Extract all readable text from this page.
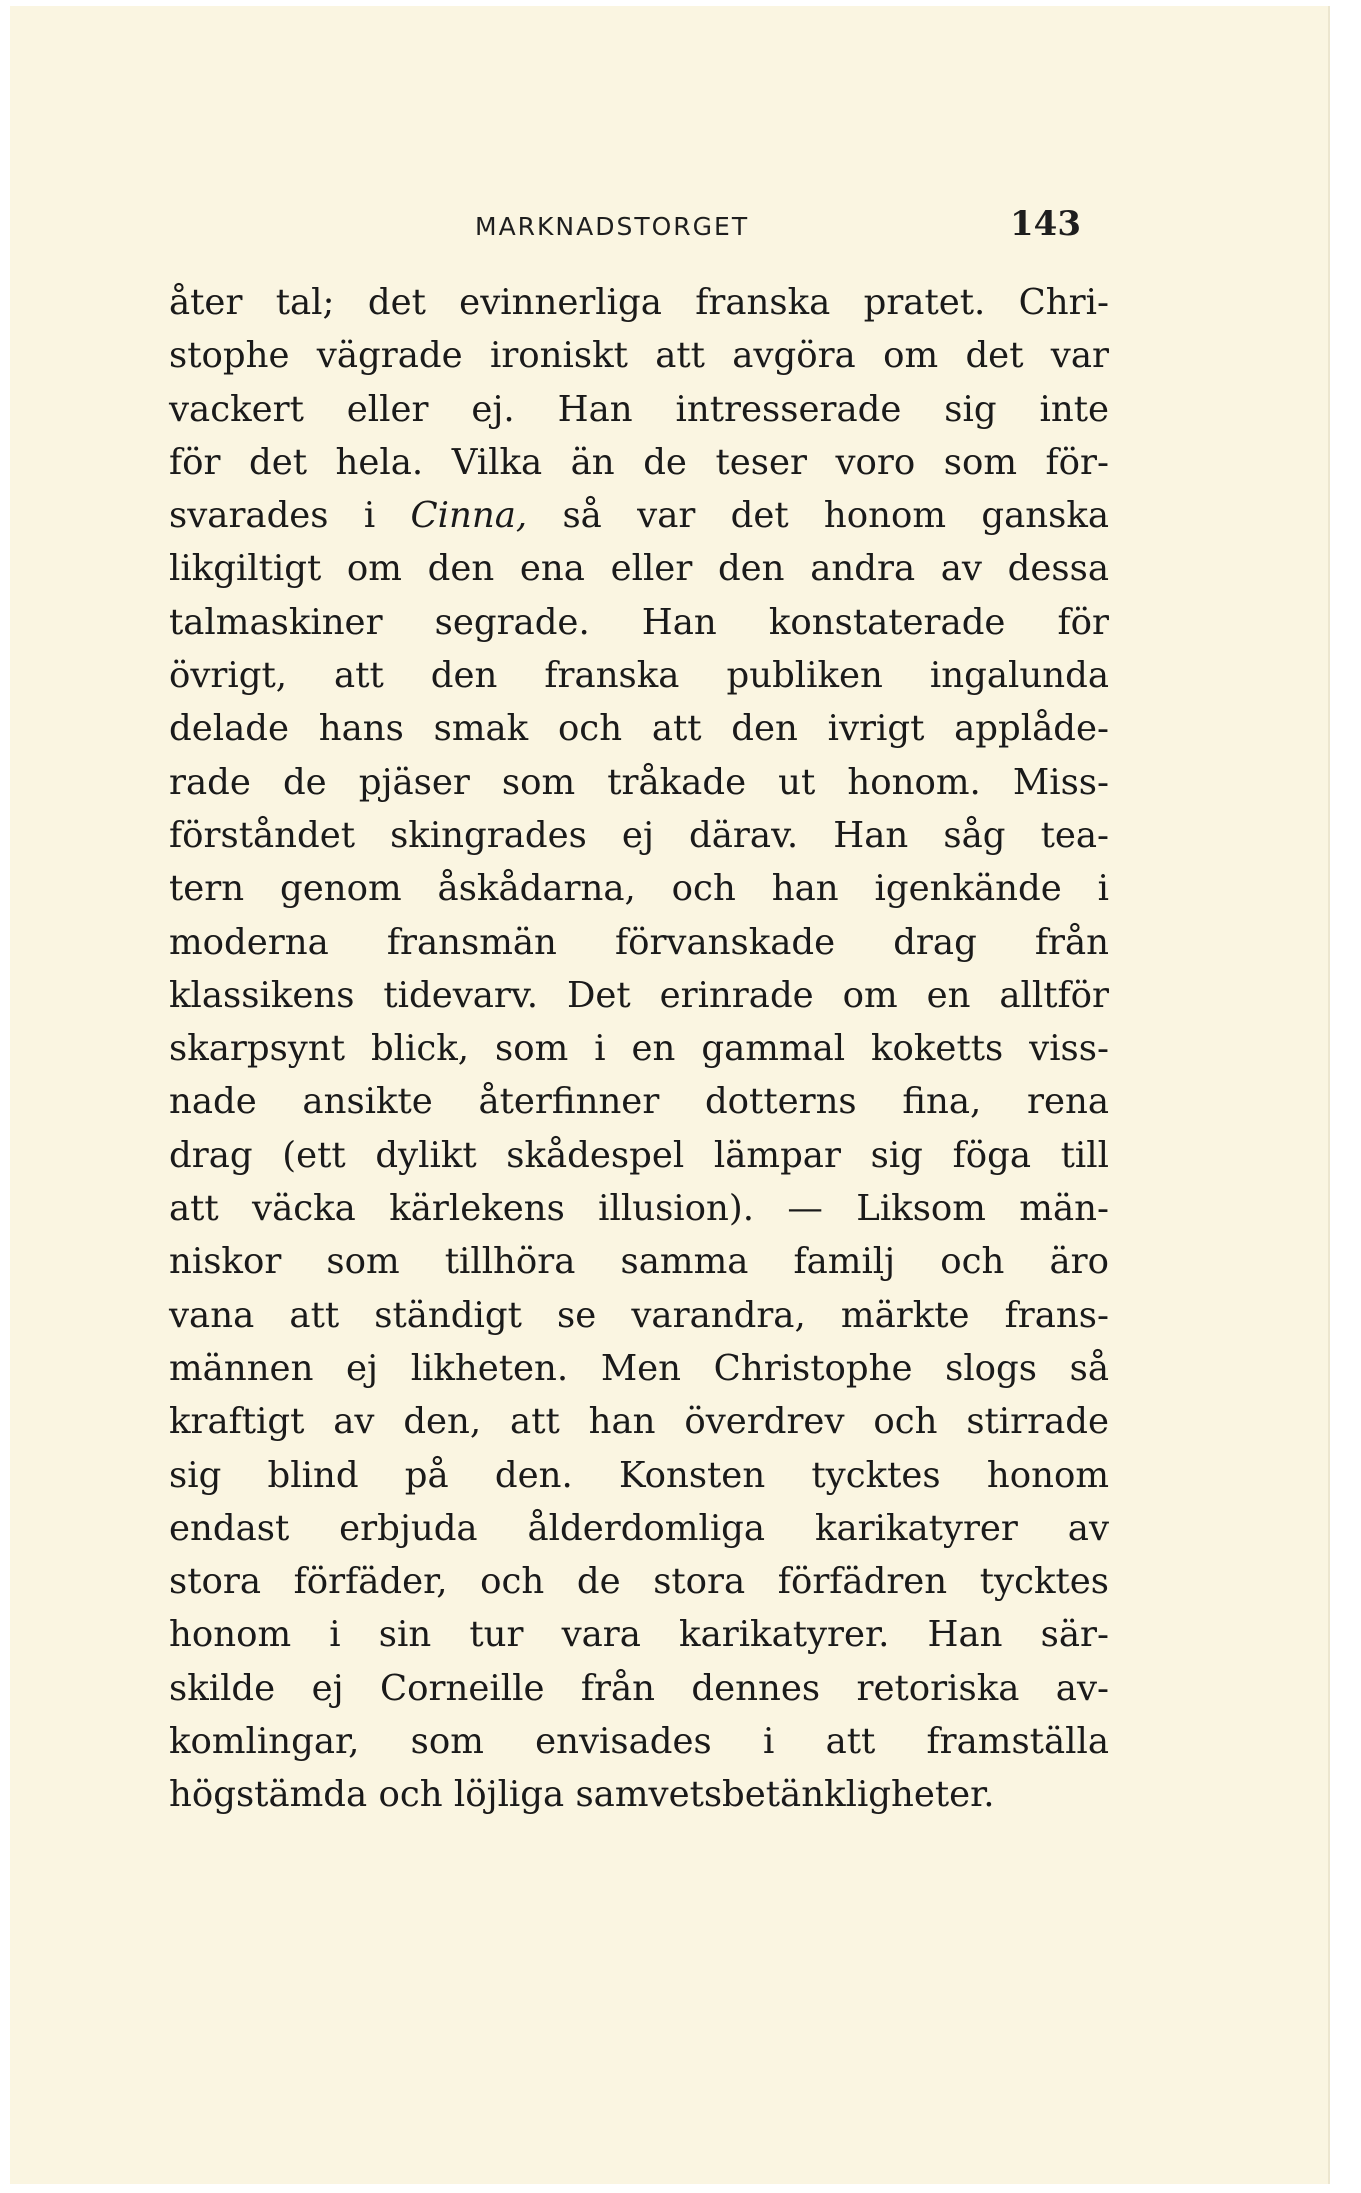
MARKNADSTORGET	143
åter tal; det evinnerliga franska pratet. Chri-
stophe vägrade ironiskt att avgöra om det var
vackert eller ej. Han intresserade sig inte
för det hela. Vilka än de teser voro som för-
svarades i Cinna, så var det honom ganska
likgiltigt om den ena eller den andra av dessa
talmaskiner segrade. Han konstaterade för
övrigt, att den franska publiken ingalunda
delade hans smak och att den ivrigt applåde-
rade de pjäser som tråkade ut honom. Miss-
förståndet skingrades ej därav. Han såg tea-
tern genom åskådarna, och han igenkände i
moderna fransmän förvanskade drag från
klassikens tidevarv. Det erinrade om en alltför
skarpsynt blick, som i en gammal koketts viss-
nade ansikte återfinner dotterns fina, rena
drag (ett dylikt skådespel lämpar sig föga till
att väcka kärlekens illusion). — Liksom män-
niskor som tillhöra samma familj och äro
vana att ständigt se varandra, märkte frans-
männen ej likheten. Men Christophe slogs så
kraftigt av den, att han överdrev och stirrade
sig blind på den. Konsten tycktes honom
endast erbjuda ålderdomliga karikatyrer av
stora förfäder, och de stora förfädren tycktes
honom i sin tur vara karikatyrer. Han sär-
skilde ej Corneille från dennes retoriska av-
komlingar, som envisades i att framställa
högstämda och löjliga samvetsbetänkligheter.
